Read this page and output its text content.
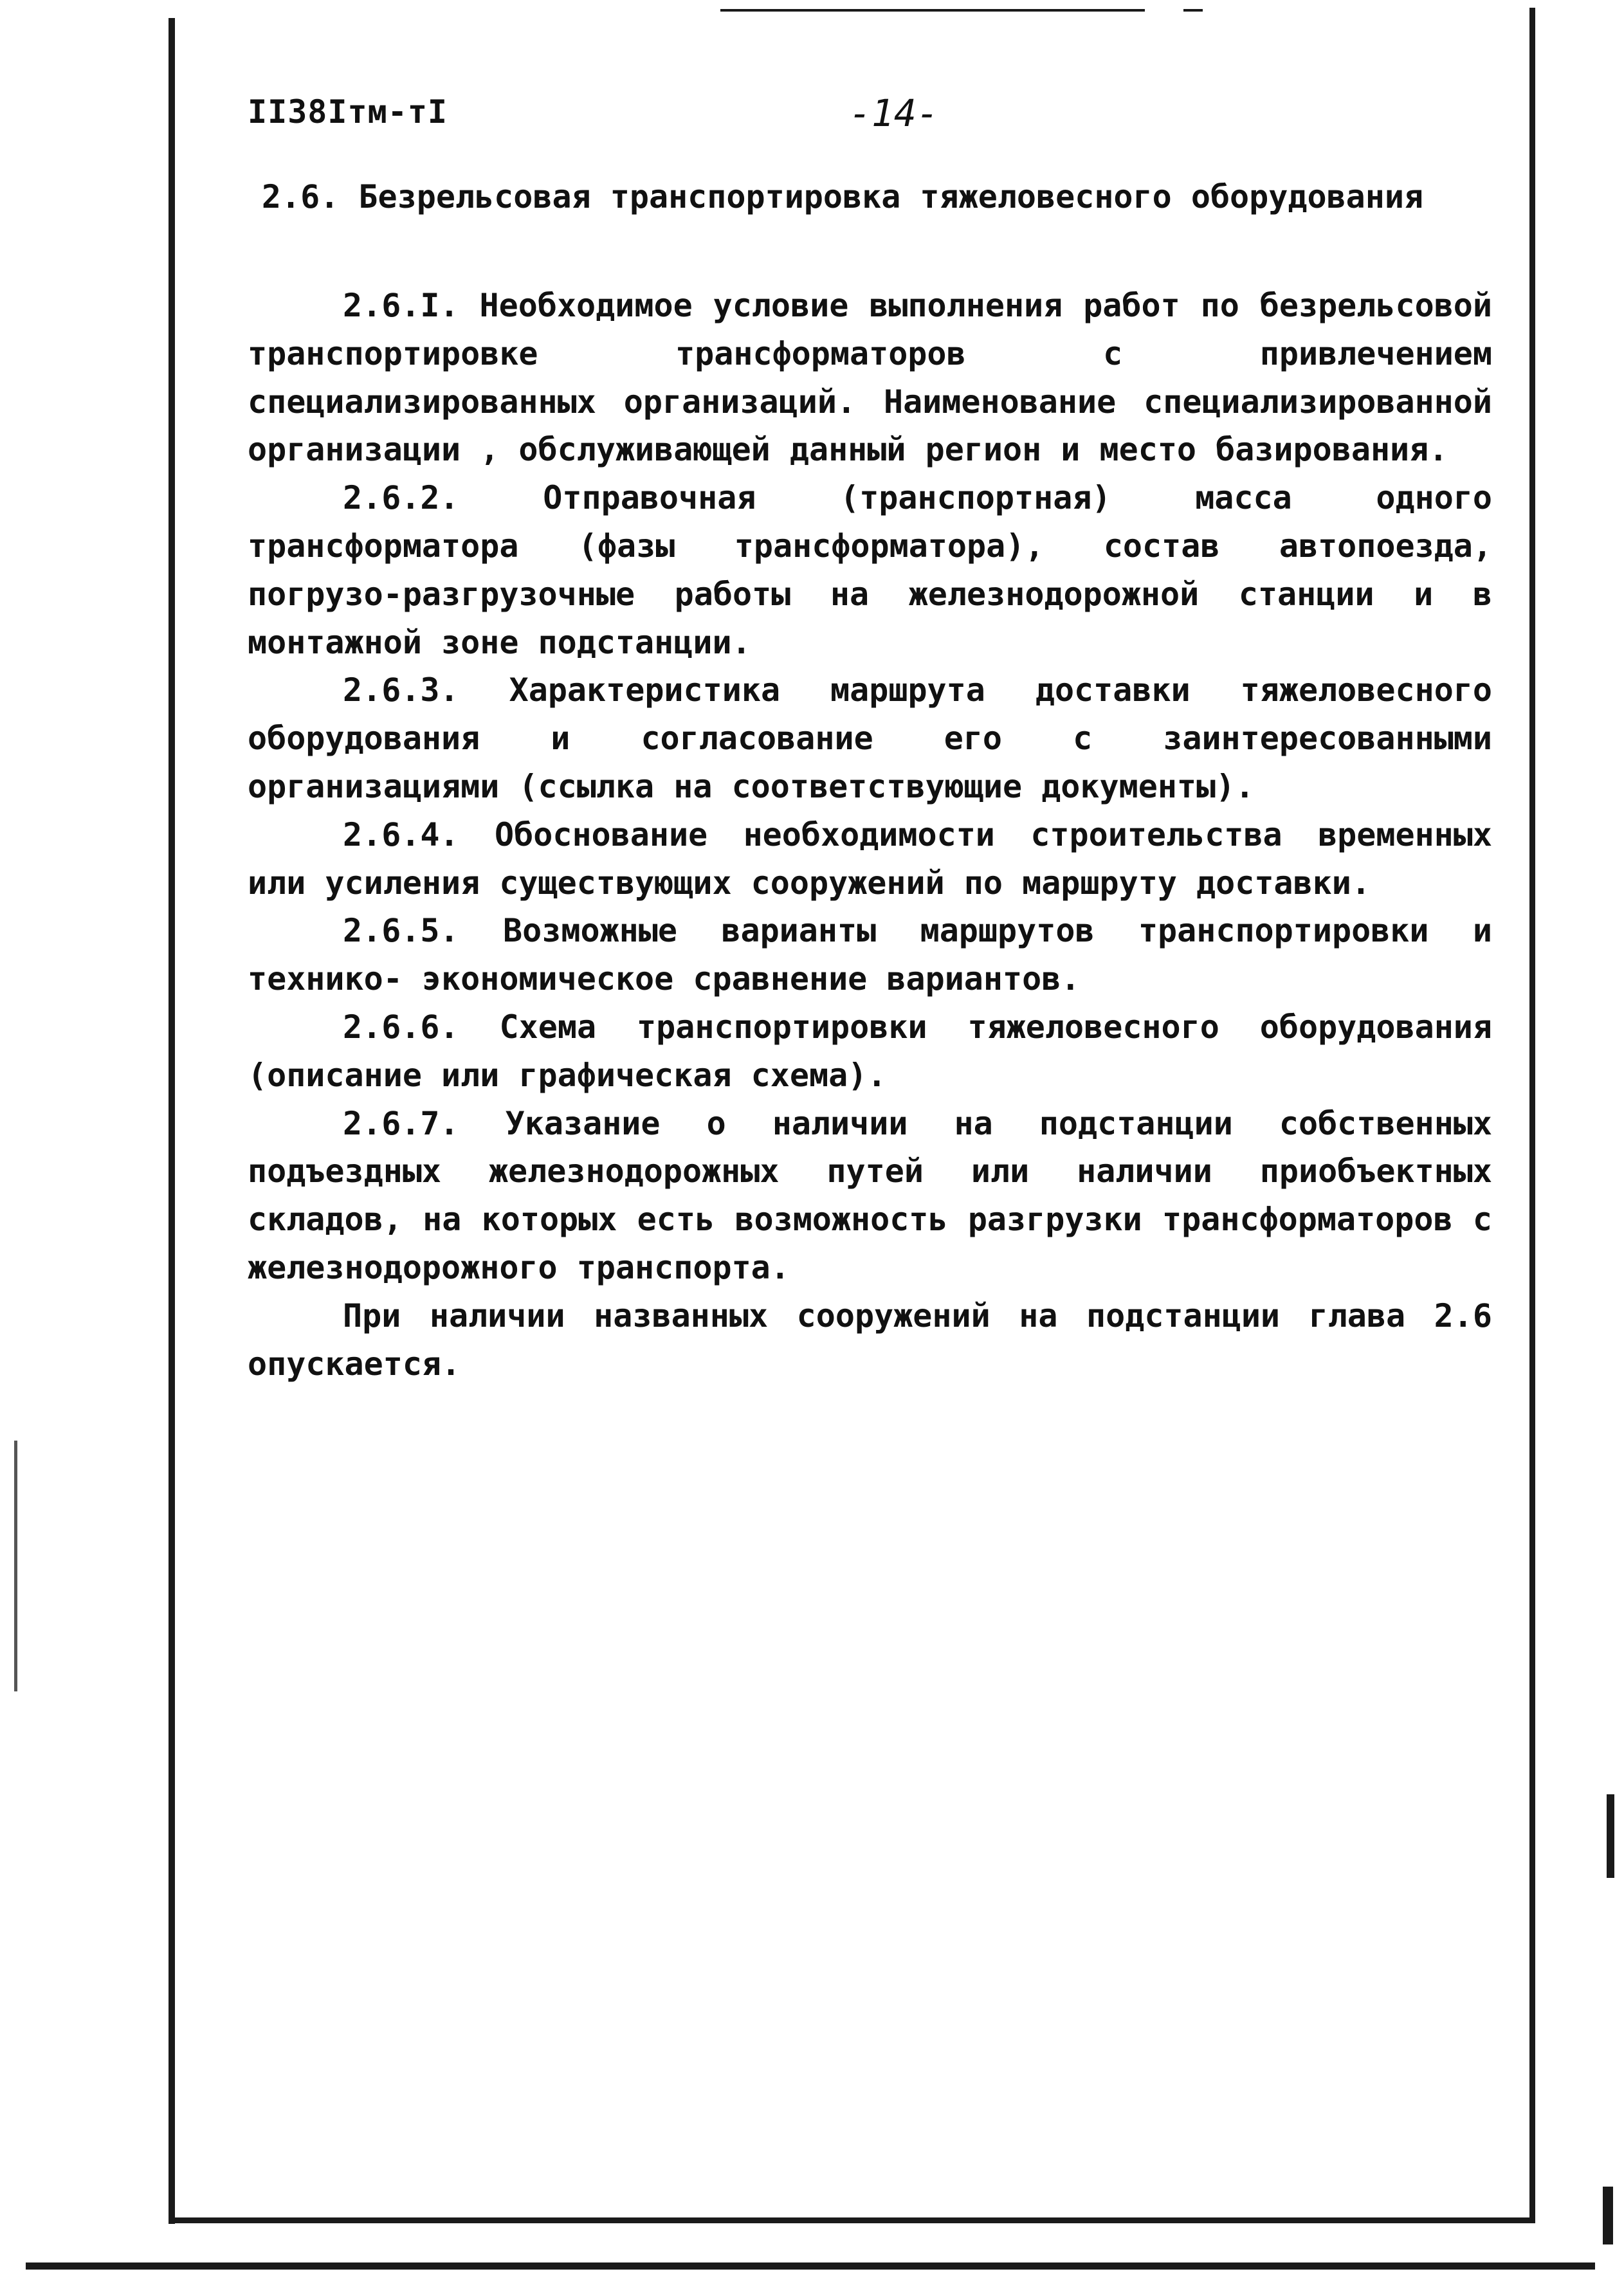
II38Iтм-тI	-14-
2.6. Безрельсовая транспортировка тяжеловесного оборудования

2.6.I. Необходимое условие выполнения работ по безрельсовой транспортировке трансформаторов с привлечением специализированных организаций. Наименование специализированной организации , обслуживающей данный регион и место базирования.

2.6.2. Отправочная (транспортная) масса одного трансформатора (фазы трансформатора), состав автопоезда, погрузо-разгрузочные работы на железнодорожной станции и в монтажной зоне подстанции.

2.6.3. Характеристика маршрута доставки тяжеловесного оборудования и согласование его с заинтересованными организациями (ссылка на соответствующие документы).

2.6.4. Обоснование необходимости строительства временных или усиления существующих сооружений по маршруту доставки.

2.6.5. Возможные варианты маршрутов транспортировки и технико- экономическое сравнение вариантов.

2.6.6. Схема транспортировки тяжеловесного оборудования (описание или графическая схема).

2.6.7. Указание о наличии на подстанции собственных подъездных железнодорожных путей или наличии приобъектных складов, на которых есть возможность разгрузки трансформаторов с железнодорожного транспорта.

При наличии названных сооружений на подстанции глава 2.6 опускается.
